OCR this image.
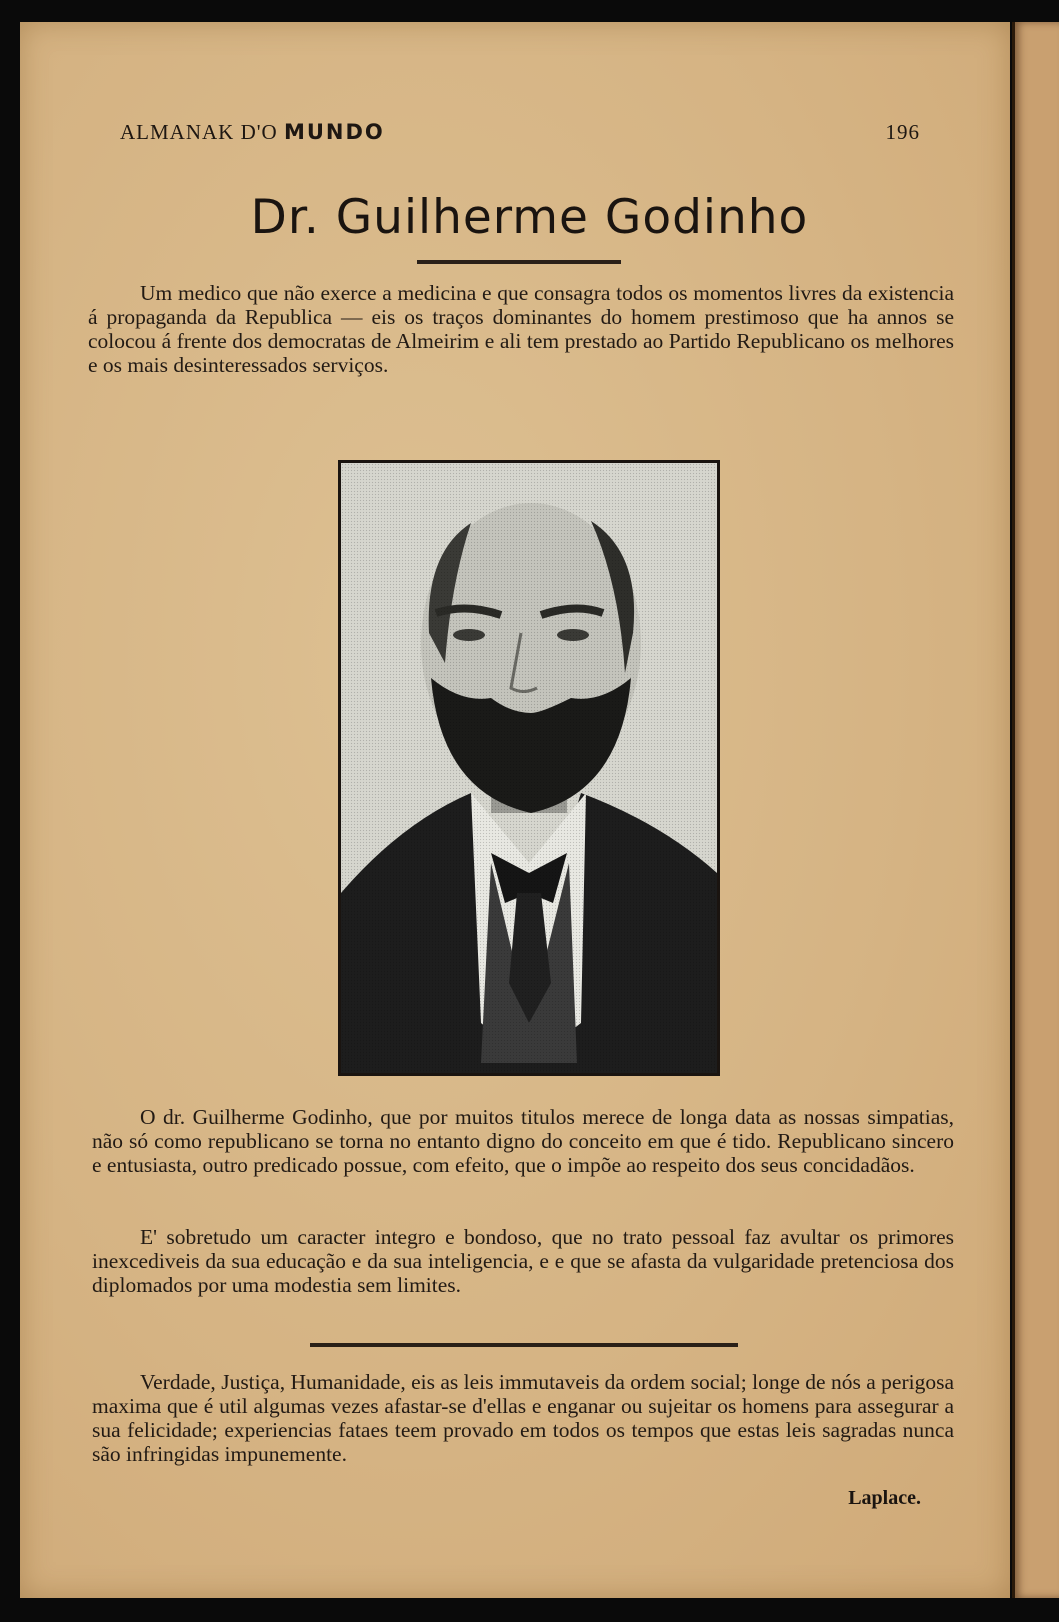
ALMANAK D'O MUNDO	196
Dr. Guilherme Godinho

Um medico que não exerce a medicina e que consagra todos os momentos livres da existencia á propaganda da Republica — eis os traços dominantes do homem prestimoso que ha annos se colocou á frente dos democratas de Almeirim e ali tem prestado ao Partido Republicano os melhores e os mais desinteressados serviços.

O dr. Guilherme Godinho, que por muitos titulos merece de longa data as nossas simpatias, não só como republicano se torna no entanto digno do conceito em que é tido. Republicano sincero e entusiasta, outro predicado possue, com efeito, que o impõe ao respeito dos seus concidadãos.

E' sobretudo um caracter integro e bondoso, que no trato pessoal faz avultar os primores inexcediveis da sua educação e da sua inteligencia, e e que se afasta da vulgaridade pretenciosa dos diplomados por uma modestia sem limites.

Verdade, Justiça, Humanidade, eis as leis immutaveis da ordem social; longe de nós a perigosa maxima que é util algumas vezes afastar-se d'ellas e enganar ou sujeitar os homens para assegurar a sua felicidade; experiencias fataes teem provado em todos os tempos que estas leis sagradas nunca são infringidas impunemente.

Laplace.
